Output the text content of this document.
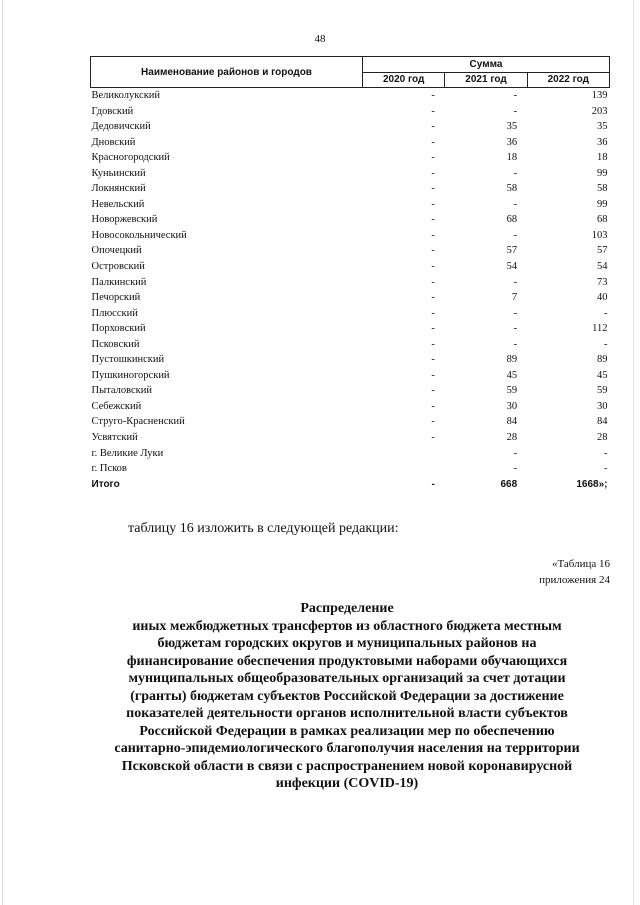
48
Наименование районов и городов	Сумма		
	2020 год	2021 год	2022 год
Великолукский	-	-	139
Гдовский	-	-	203
Дедовичский	-	35	35
Дновский	-	36	36
Красногородский	-	18	18
Куньинский	-	-	99
Локнянский	-	58	58
Невельский	-	-	99
Новоржевский	-	68	68
Новосокольнический	-	-	103
Опочецкий	-	57	57
Островский	-	54	54
Палкинский	-	-	73
Печорский	-	7	40
Плюсский	-	-	-
Порховский	-	-	112
Псковский	-	-	-
Пустошкинский	-	89	89
Пушкиногорский	-	45	45
Пыталовский	-	59	59
Себежский	-	30	30
Струго-Красненский	-	84	84
Усвятский	-	28	28
г. Великие Луки		-	-
г. Псков		-	-
Итого	-	668	1668»;
таблицу 16 изложить в следующей редакции:
«Таблица 16
приложения 24
Распределение
иных межбюджетных трансфертов из областного бюджета местным
бюджетам городских округов и муниципальных районов на
финансирование обеспечения продуктовыми наборами обучающихся
муниципальных общеобразовательных организаций за счет дотации
(гранты) бюджетам субъектов Российской Федерации за достижение
показателей деятельности органов исполнительной власти субъектов
Российской Федерации в рамках реализации мер по обеспечению
санитарно-эпидемиологического благополучия населения на территории
Псковской области в связи с распространением новой коронавирусной
инфекции (COVID-19)
